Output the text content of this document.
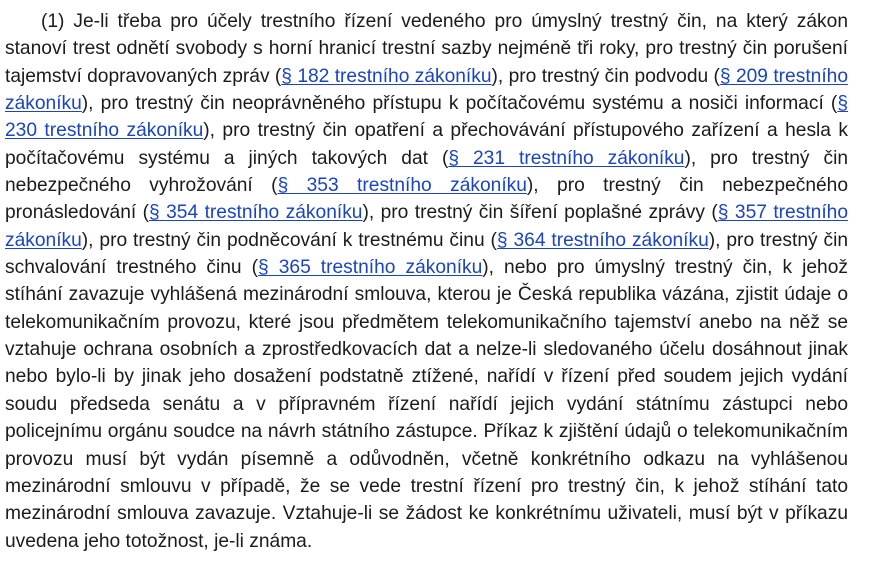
(1) Je-li třeba pro účely trestního řízení vedeného pro úmyslný trestný čin, na který zákon stanoví trest odnětí svobody s horní hranicí trestní sazby nejméně tři roky, pro trestný čin porušení tajemství dopravovaných zpráv (§ 182 trestního zákoníku), pro trestný čin podvodu (§ 209 trestního zákoníku), pro trestný čin neoprávněného přístupu k počítačovému systému a nosiči informací (§ 230 trestního zákoníku), pro trestný čin opatření a přechovávání přístupového zařízení a hesla k počítačovému systému a jiných takových dat (§ 231 trestního zákoníku), pro trestný čin nebezpečného vyhrožování (§ 353 trestního zákoníku), pro trestný čin nebezpečného pronásledování (§ 354 trestního zákoníku), pro trestný čin šíření poplašné zprávy (§ 357 trestního zákoníku), pro trestný čin podněcování k trestnému činu (§ 364 trestního zákoníku), pro trestný čin schvalování trestného činu (§ 365 trestního zákoníku), nebo pro úmyslný trestný čin, k jehož stíhání zavazuje vyhlášená mezinárodní smlouva, kterou je Česká republika vázána, zjistit údaje o telekomunikačním provozu, které jsou předmětem telekomunikačního tajemství anebo na něž se vztahuje ochrana osobních a zprostředkovacích dat a nelze-li sledovaného účelu dosáhnout jinak nebo bylo-li by jinak jeho dosažení podstatně ztížené, nařídí v řízení před soudem jejich vydání soudu předseda senátu a v přípravném řízení nařídí jejich vydání státnímu zástupci nebo policejnímu orgánu soudce na návrh státního zástupce. Příkaz k zjištění údajů o telekomunikačním provozu musí být vydán písemně a odůvodněn, včetně konkrétního odkazu na vyhlášenou mezinárodní smlouvu v případě, že se vede trestní řízení pro trestný čin, k jehož stíhání tato mezinárodní smlouva zavazuje. Vztahuje-li se žádost ke konkrétnímu uživateli, musí být v příkazu uvedena jeho totožnost, je-li známa.
